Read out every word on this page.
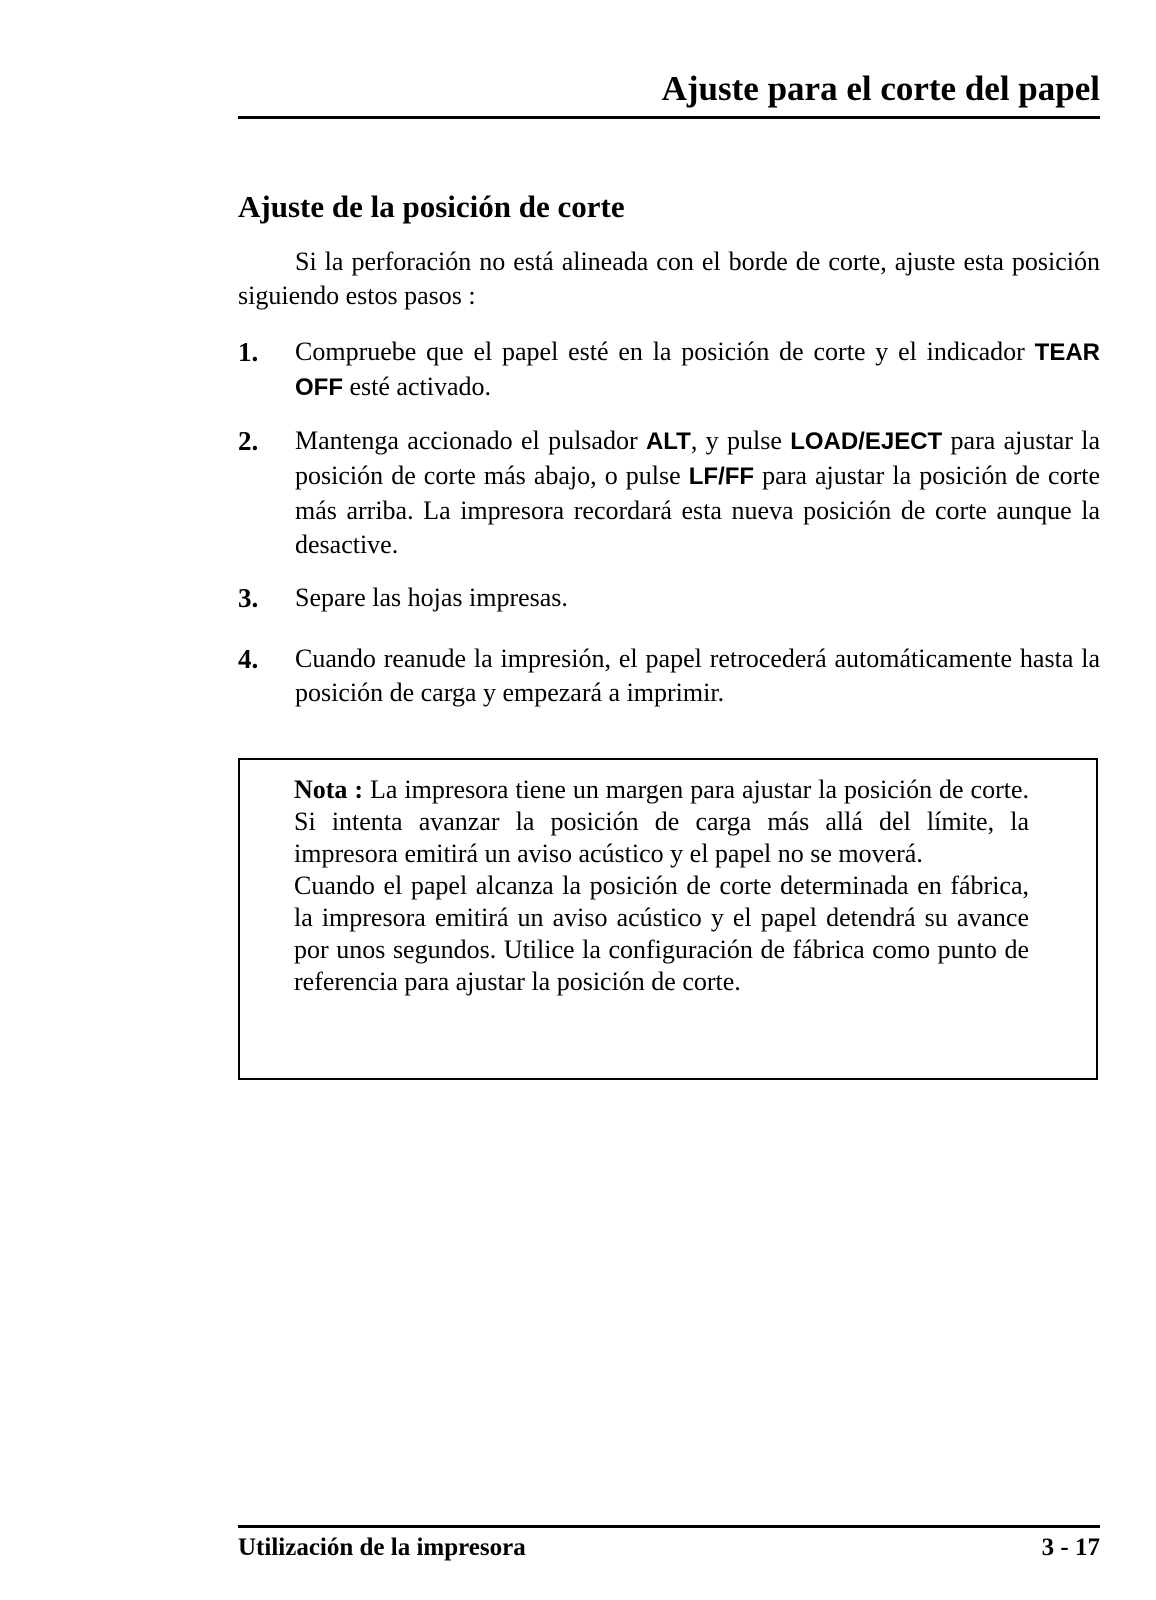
Ajuste para el corte del papel
Ajuste de la posición de corte
Si la perforación no está alineada con el borde de corte, ajuste esta posición siguiendo estos pasos :
1. Compruebe que el papel esté en la posición de corte y el indicador TEAR OFF esté activado.
2. Mantenga accionado el pulsador ALT, y pulse LOAD/EJECT para ajustar la posición de corte más abajo, o pulse LF/FF para ajustar la posición de corte más arriba. La impresora recordará esta nueva posición de corte aunque la desactive.
3. Separe las hojas impresas.
4. Cuando reanude la impresión, el papel retrocederá automáticamente hasta la posición de carga y empezará a imprimir.

Nota : La impresora tiene un margen para ajustar la posición de corte. Si intenta avanzar la posición de carga más allá del límite, la impresora emitirá un aviso acústico y el papel no se moverá.

Cuando el papel alcanza la posición de corte determinada en fábrica, la impresora emitirá un aviso acústico y el papel detendrá su avance por unos segundos. Utilice la configuración de fábrica como punto de referencia para ajustar la posición de corte.

Utilización de la impresora	3 - 17
